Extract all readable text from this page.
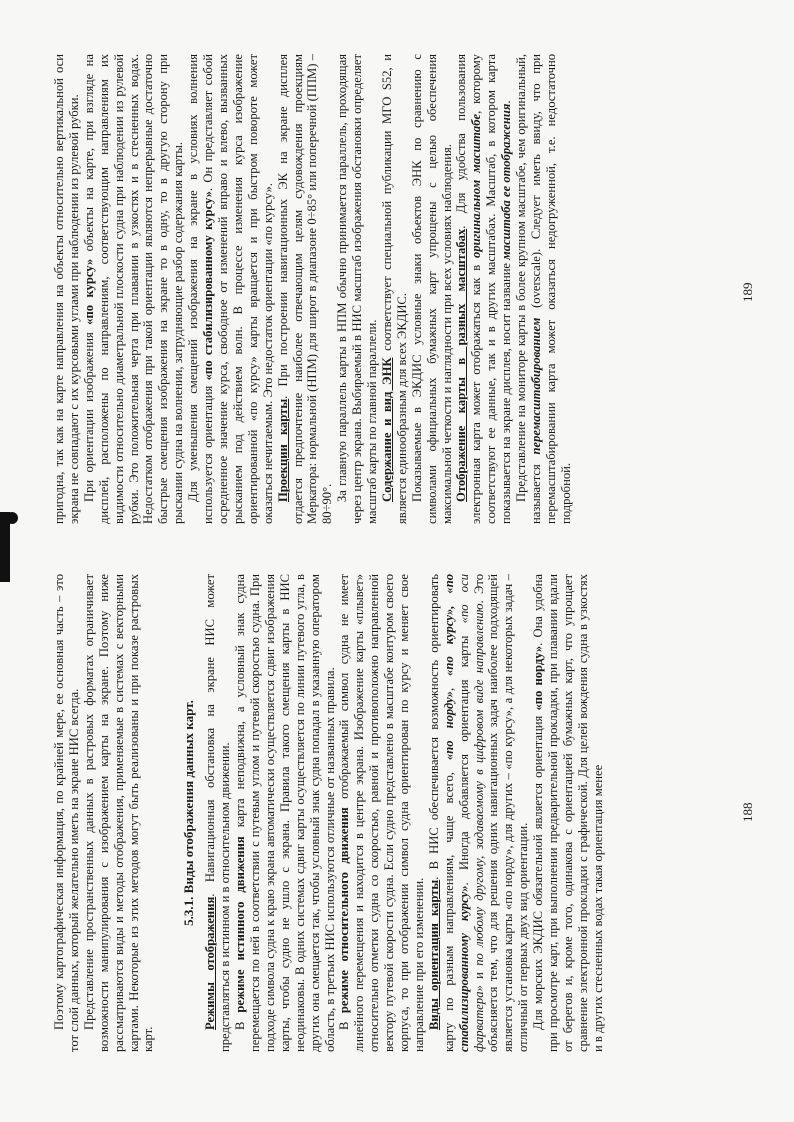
Поэтому картографическая информация, по крайней мере, ее основная часть – это тот слой данных, который желательно иметь на экране НИС всегда. Представление пространственных данных в растровых форматах ограничивает возможности манипулирования с изображением карты на экране. Поэтому ниже рассматриваются виды и методы отображения, применяемые в системах с векторными картами. Некоторые из этих методов могут быть реализованы и при показе растровых карт.

5.3.1. Виды отображения данных карт.

Режимы отображения. Навигационная обстановка на экране НИС может представляться в истинном и в относительном движении. В режиме истинного движения карта неподвижна, а условный знак судна перемещается по ней в соответствии с путевым углом и путевой скоростью судна. При подходе символа судна к краю экрана автоматически осуществляется сдвиг изображения карты, чтобы судно не ушло с экрана. Правила такого смещения карты в НИС неодинаковы. В одних системах сдвиг карты осуществляется по линии путевого угла, в других она смещается так, чтобы условный знак судна попадал в указанную оператором область, в третьих НИС используются отличные от названных правила. В режиме относительного движения отображаемый символ судна не имеет линейного перемещения и находится в центре экрана. Изображение карты «плывет» относительно отметки судна со скоростью, равной и противоположно направленной вектору путевой скорости судна. Если судно представлено в масштабе контуром своего корпуса, то при отображении символ судна ориентирован по курсу и меняет свое направление при его изменении. Виды ориентации карты. В НИС обеспечивается возможность ориентировать карту по разным направлениям, чаще всего, «по норду», «по курсу», «по стабилизированному курсу». Иногда добавляется ориентация карты «по оси фарватера» и по любому другому, задаваемому в цифровом виде направлению. Это объясняется тем, что для решения одних навигационных задач наиболее подходящей является установка карты «по норду», для других – «по курсу», а для некоторых задач – отличный от первых двух вид ориентации. Для морских ЭКДИС обязательной является ориентация «по норду». Она удобна при просмотре карт, при выполнении предварительной прокладки, при плавании вдали от берегов и, кроме того, одинакова с ориентацией бумажных карт, что упрощает сравнение электронной прокладки с графической. Для целей вождения судна в узкостях и в других стесненных водах такая ориентация менее	188

пригодна, так как на карте направления на объекты относительно вертикальной оси экрана не совпадают с их курсовыми углами при наблюдении из рулевой рубки. При ориентации изображения «по курсу» объекты на карте, при взгляде на дисплей, расположены по направлениям, соответствующим направлениям их видимости относительно диаметральной плоскости судна при наблюдении из рулевой рубки. Это положительная черта при плавании в узкостях и в стесненных водах. Недостатком отображения при такой ориентации являются непрерывные достаточно быстрые смещения изображения на экране то в одну, то в другую сторону при рыскании судна на волнении, затрудняющие разбор содержания карты. Для уменьшения смещений изображения на экране в условиях волнения используется ориентация «по стабилизированному курсу». Он представляет собой осредненное значение курса, свободное от изменений вправо и влево, вызванных рысканием под действием волн. В процессе изменения курса изображение ориентированной «по курсу» карты вращается и при быстром повороте может оказаться нечитаемым. Это недостаток ориентации «по курсу». Проекции карты. При построении навигационных ЭК на экране дисплея отдается предпочтение наиболее отвечающим целям судовождения проекциям Меркатора: нормальной (НПМ) для широт в диапазоне 0÷85° или поперечной (ППМ) – 80÷90°.

За главную параллель карты в НПМ обычно принимается параллель, проходящая через центр экрана. Выбираемый в НИС масштаб изображения обстановки определяет масштаб карты по главной параллели. Содержание и вид ЭНК соответствует специальной публикации МГО S52, и является единообразным для всех ЭКДИС. Показываемые в ЭКДИС условные знаки объектов ЭНК по сравнению с символами официальных бумажных карт упрощены с целью обеспечения максимальной четкости и наглядности при всех условиях наблюдения. Отображение карты в разных масштабах. Для удобства пользования электронная карта может отображаться как в оригинальном масштабе, которому соответствуют ее данные, так и в других масштабах. Масштаб, в котором карта показывается на экране дисплея, носит название масштаба ее отображения. Представление на мониторе карты в более крупном масштабе, чем оригинальный, называется перемасштабированием (overscale). Следует иметь ввиду, что при перемасштабировании карта может оказаться недогруженной, т.е. недостаточно подробной.

189
